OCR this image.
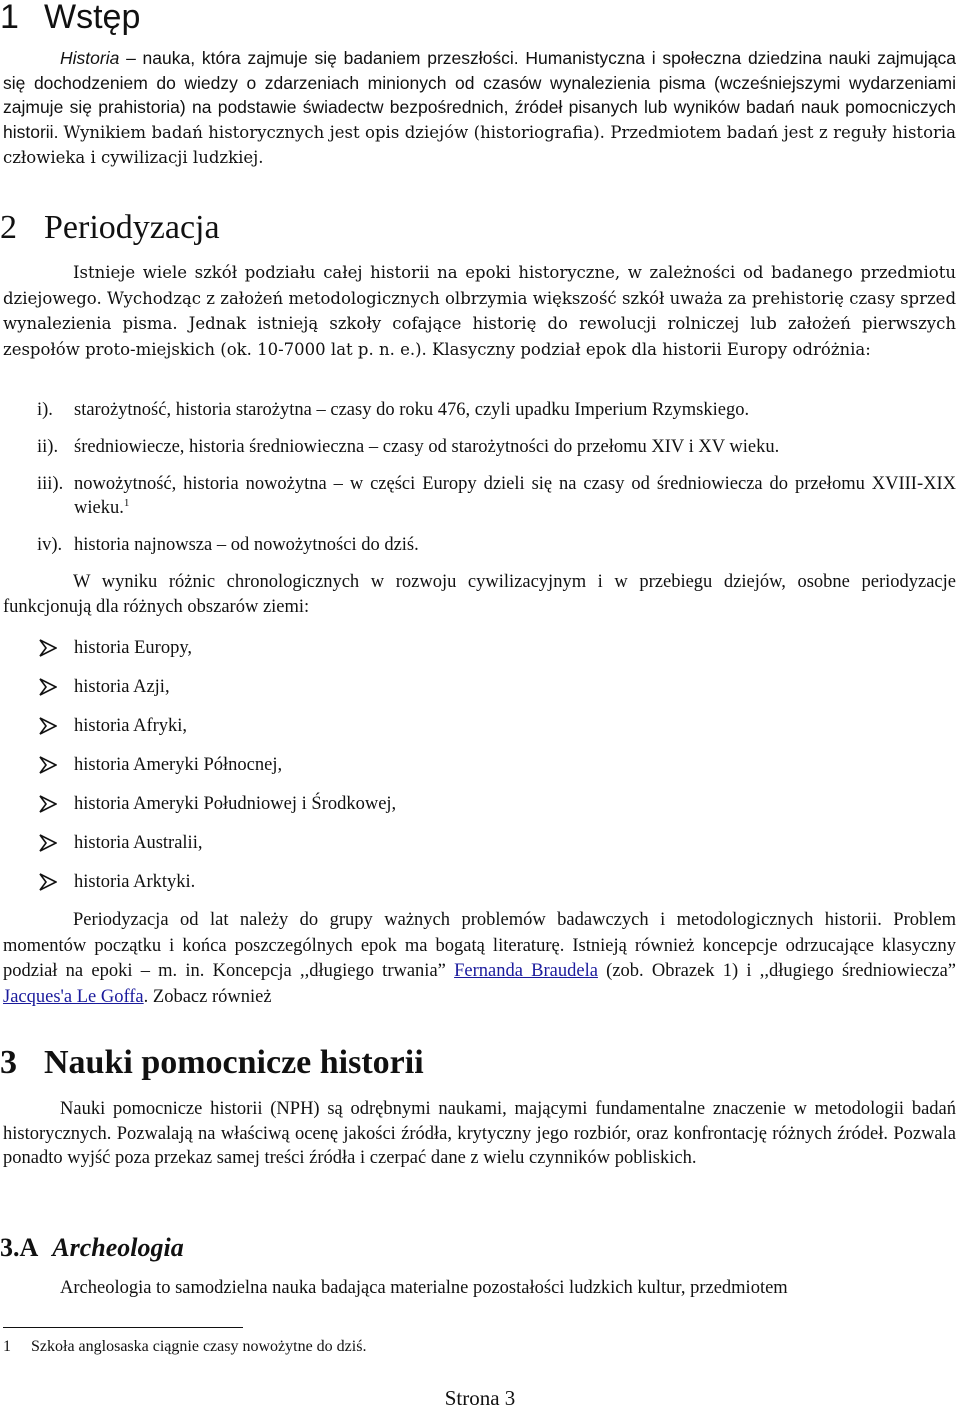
1 Wstęp

Historia – nauka, która zajmuje się badaniem przeszłości. Humanistyczna i społeczna dziedzina nauki zajmująca się dochodzeniem do wiedzy o zdarzeniach minionych od czasów wynalezienia pisma (wcześniejszymi wydarzeniami zajmuje się prahistoria) na podstawie świadectw bezpośrednich, źródeł pisanych lub wyników badań nauk pomocniczych historii. Wynikiem badań historycznych jest opis dziejów (historiografia). Przedmiotem badań jest z reguły historia człowieka i cywilizacji ludzkiej.

2 Periodyzacja

Istnieje wiele szkół podziału całej historii na epoki historyczne, w zależności od badanego przedmiotu dziejowego. Wychodząc z założeń metodologicznych olbrzymia większość szkół uważa za prehistorię czasy sprzed wynalezienia pisma. Jednak istnieją szkoły cofające historię do rewolucji rolniczej lub założeń pierwszych zespołów proto-miejskich (ok. 10-7000 lat p. n. e.). Klasyczny podział epok dla historii Europy odróżnia:

i). starożytność, historia starożytna – czasy do roku 476, czyli upadku Imperium Rzymskiego.
ii). średniowiecze, historia średniowieczna – czasy od starożytności do przełomu XIV i XV wieku.
iii). nowożytność, historia nowożytna – w części Europy dzieli się na czasy od średniowiecza do przełomu XVIII-XIX wieku.$^1$
iv). historia najnowsza – od nowożytności do dziś.

W wyniku różnic chronologicznych w rozwoju cywilizacyjnym i w przebiegu dziejów, osobne periodyzacje funkcjonują dla różnych obszarów ziemi:

historia Europy,
historia Azji,
historia Afryki,
historia Ameryki Północnej,
historia Ameryki Południowej i Środkowej,
historia Australii,
historia Arktyki.

Periodyzacja od lat należy do grupy ważnych problemów badawczych i metodologicznych historii. Problem momentów początku i końca poszczególnych epok ma bogatą literaturę. Istnieją również koncepcje odrzucające klasyczny podział na epoki – m. in. Koncepcja ,,długiego trwania” Fernanda Braudela (zob. Obrazek 1) i ,,długiego średniowiecza” Jacques'a Le Goffa. Zobacz również

3 Nauki pomocnicze historii

Nauki pomocnicze historii (NPH) są odrębnymi naukami, mającymi fundamentalne znaczenie w metodologii badań historycznych. Pozwalają na właściwą ocenę jakości źródła, krytyczny jego rozbiór, oraz konfrontację różnych źródeł. Pozwala ponadto wyjść poza przekaz samej treści źródła i czerpać dane z wielu czynników pobliskich.

3.A Archeologia

Archeologia to samodzielna nauka badająca materialne pozostałości ludzkich kultur, przedmiotem

1 Szkoła anglosaska ciągnie czasy nowożytne do dziś.
Strona 3
